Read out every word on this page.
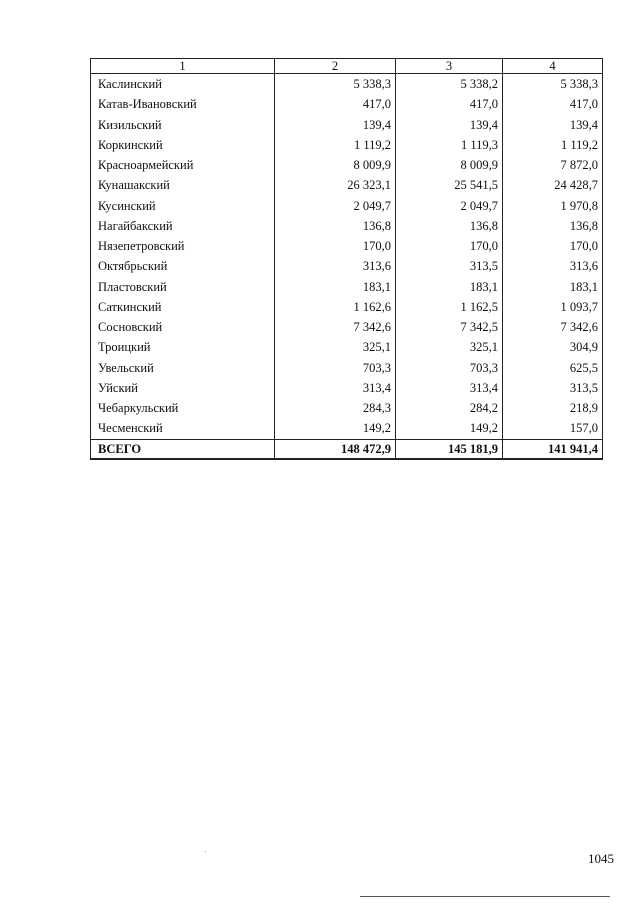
1	2	3	4
Каслинский	5 338,3	5 338,2	5 338,3
Катав-Ивановский	417,0	417,0	417,0
Кизильский	139,4	139,4	139,4
Коркинский	1 119,2	1 119,3	1 119,2
Красноармейский	8 009,9	8 009,9	7 872,0
Кунашакский	26 323,1	25 541,5	24 428,7
Кусинский	2 049,7	2 049,7	1 970,8
Нагайбакский	136,8	136,8	136,8
Нязепетровский	170,0	170,0	170,0
Октябрьский	313,6	313,5	313,6
Пластовский	183,1	183,1	183,1
Саткинский	1 162,6	1 162,5	1 093,7
Сосновский	7 342,6	7 342,5	7 342,6
Троицкий	325,1	325,1	304,9
Увельский	703,3	703,3	625,5
Уйский	313,4	313,4	313,5
Чебаркульский	284,3	284,2	218,9
Чесменский	149,2	149,2	157,0
ВСЕГО	148 472,9	145 181,9	141 941,4
1045
